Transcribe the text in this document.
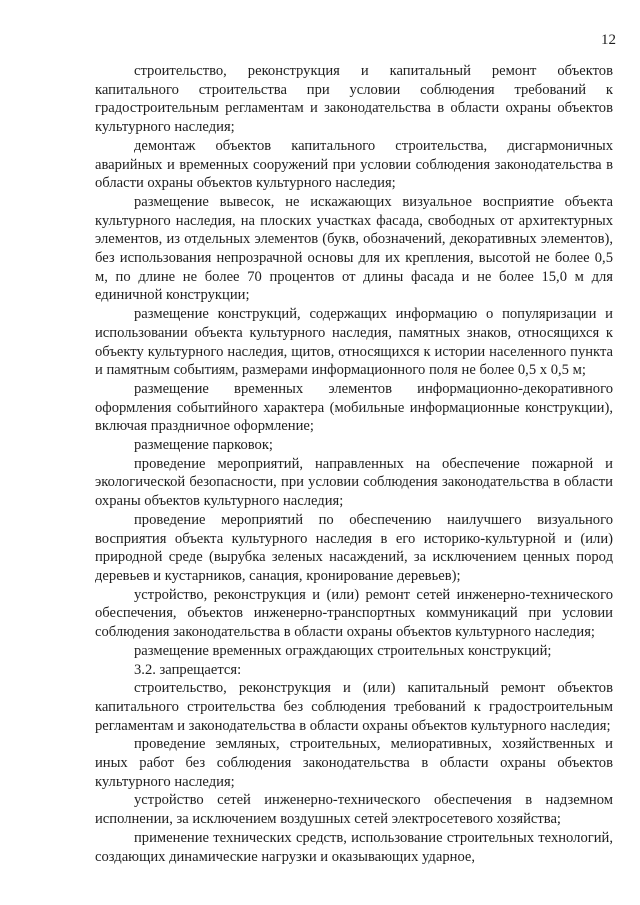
12

строительство, реконструкция и капитальный ремонт объектов капитального строительства при условии соблюдения требований к градостроительным регламентам и законодательства в области охраны объектов культурного наследия;

демонтаж объектов капитального строительства, дисгармоничных аварийных и временных сооружений при условии соблюдения законодательства в области охраны объектов культурного наследия;

размещение вывесок, не искажающих визуальное восприятие объекта культурного наследия, на плоских участках фасада, свободных от архитектурных элементов, из отдельных элементов (букв, обозначений, декоративных элементов), без использования непрозрачной основы для их крепления, высотой не более 0,5 м, по длине не более 70 процентов от длины фасада и не более 15,0 м для единичной конструкции;

размещение конструкций, содержащих информацию о популяризации и использовании объекта культурного наследия, памятных знаков, относящихся к объекту культурного наследия, щитов, относящихся к истории населенного пункта и памятным событиям, размерами информационного поля не более 0,5 х 0,5 м;

размещение временных элементов информационно-декоративного оформления событийного характера (мобильные информационные конструкции), включая праздничное оформление;

размещение парковок;

проведение мероприятий, направленных на обеспечение пожарной и экологической безопасности, при условии соблюдения законодательства в области охраны объектов культурного наследия;

проведение мероприятий по обеспечению наилучшего визуального восприятия объекта культурного наследия в его историко-культурной и (или) природной среде (вырубка зеленых насаждений, за исключением ценных пород деревьев и кустарников, санация, кронирование деревьев);

устройство, реконструкция и (или) ремонт сетей инженерно-технического обеспечения, объектов инженерно-транспортных коммуникаций при условии соблюдения законодательства в области охраны объектов культурного наследия;

размещение временных ограждающих строительных конструкций;

3.2. запрещается:

строительство, реконструкция и (или) капитальный ремонт объектов капитального строительства без соблюдения требований к градостроительным регламентам и законодательства в области охраны объектов культурного наследия;

проведение земляных, строительных, мелиоративных, хозяйственных и иных работ без соблюдения законодательства в области охраны объектов культурного наследия;

устройство сетей инженерно-технического обеспечения в надземном исполнении, за исключением воздушных сетей электросетевого хозяйства;

применение технических средств, использование строительных технологий, создающих динамические нагрузки и оказывающих ударное,
